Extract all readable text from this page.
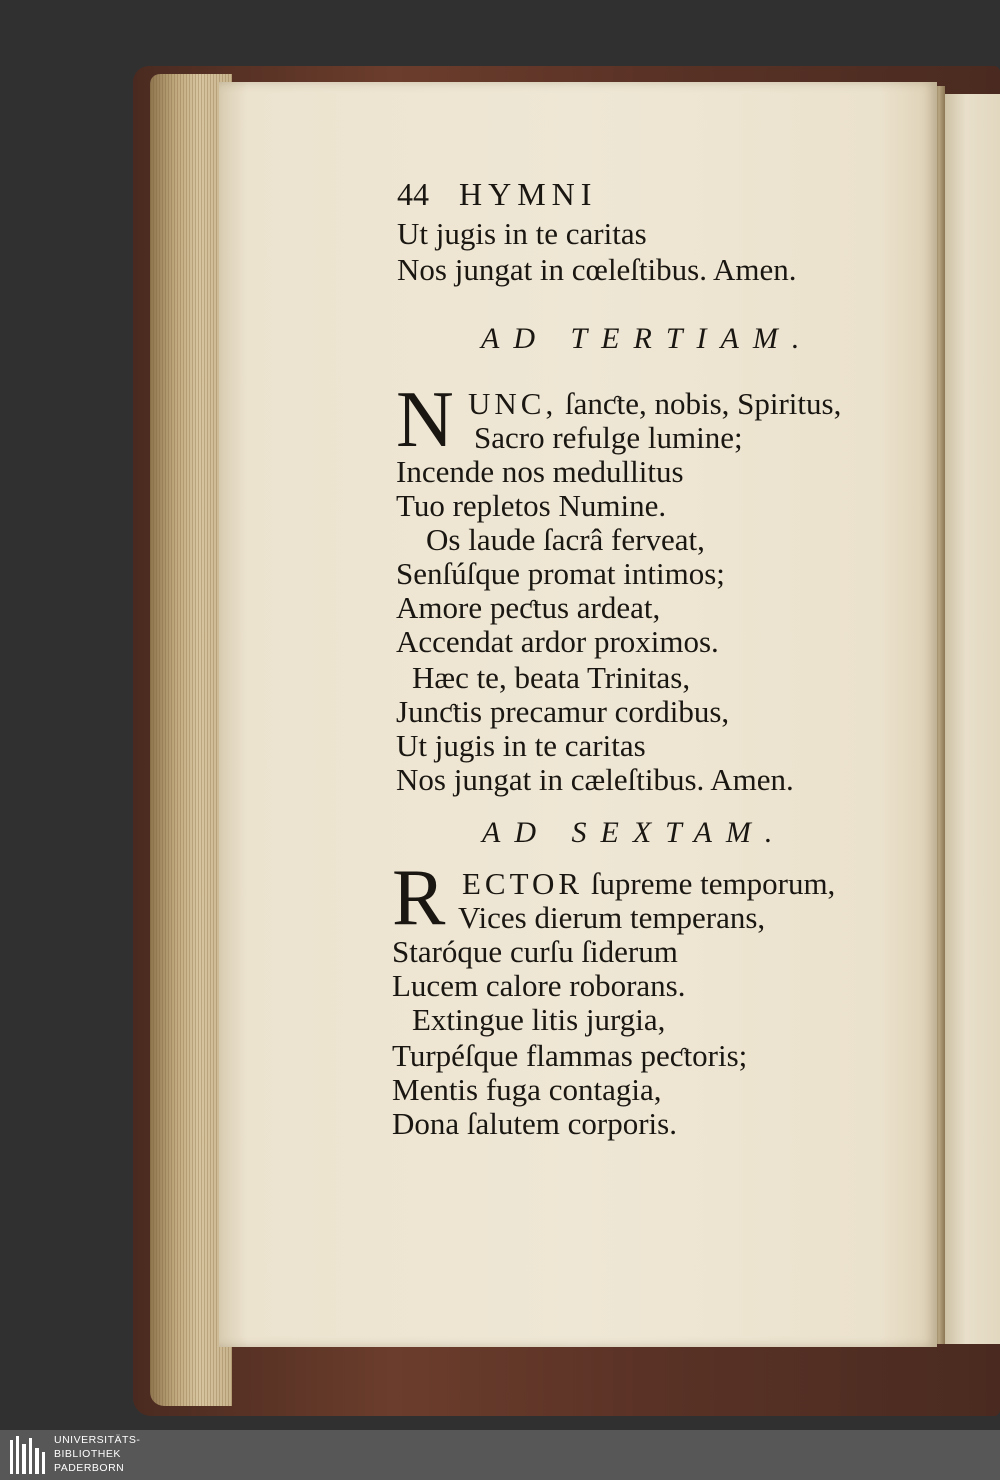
44 HYMNI
Ut jugis in te caritas
Nos jungat in cœleſtibus. Amen.
AD TERTIAM.
N UNC, ſanƈte, nobis, Spiritus,
Sacro refulge lumine;
Incende nos medullitus
Tuo repletos Numine.
Os laude ſacrâ ferveat,
Senſúſque promat intimos;
Amore peƈtus ardeat,
Accendat ardor proximos.
Hæc te, beata Trinitas,
Junƈtis precamur cordibus,
Ut jugis in te caritas
Nos jungat in cæleſtibus. Amen.
AD SEXTAM.
R ECTOR ſupreme temporum,
Vices dierum temperans,
Staróque curſu ſiderum
Lucem calore roborans.
Extingue litis jurgia,
Turpéſque flammas peƈtoris;
Mentis fuga contagia,
Dona ſalutem corporis.
UNIVERSITÄTS-
BIBLIOTHEK
PADERBORN
